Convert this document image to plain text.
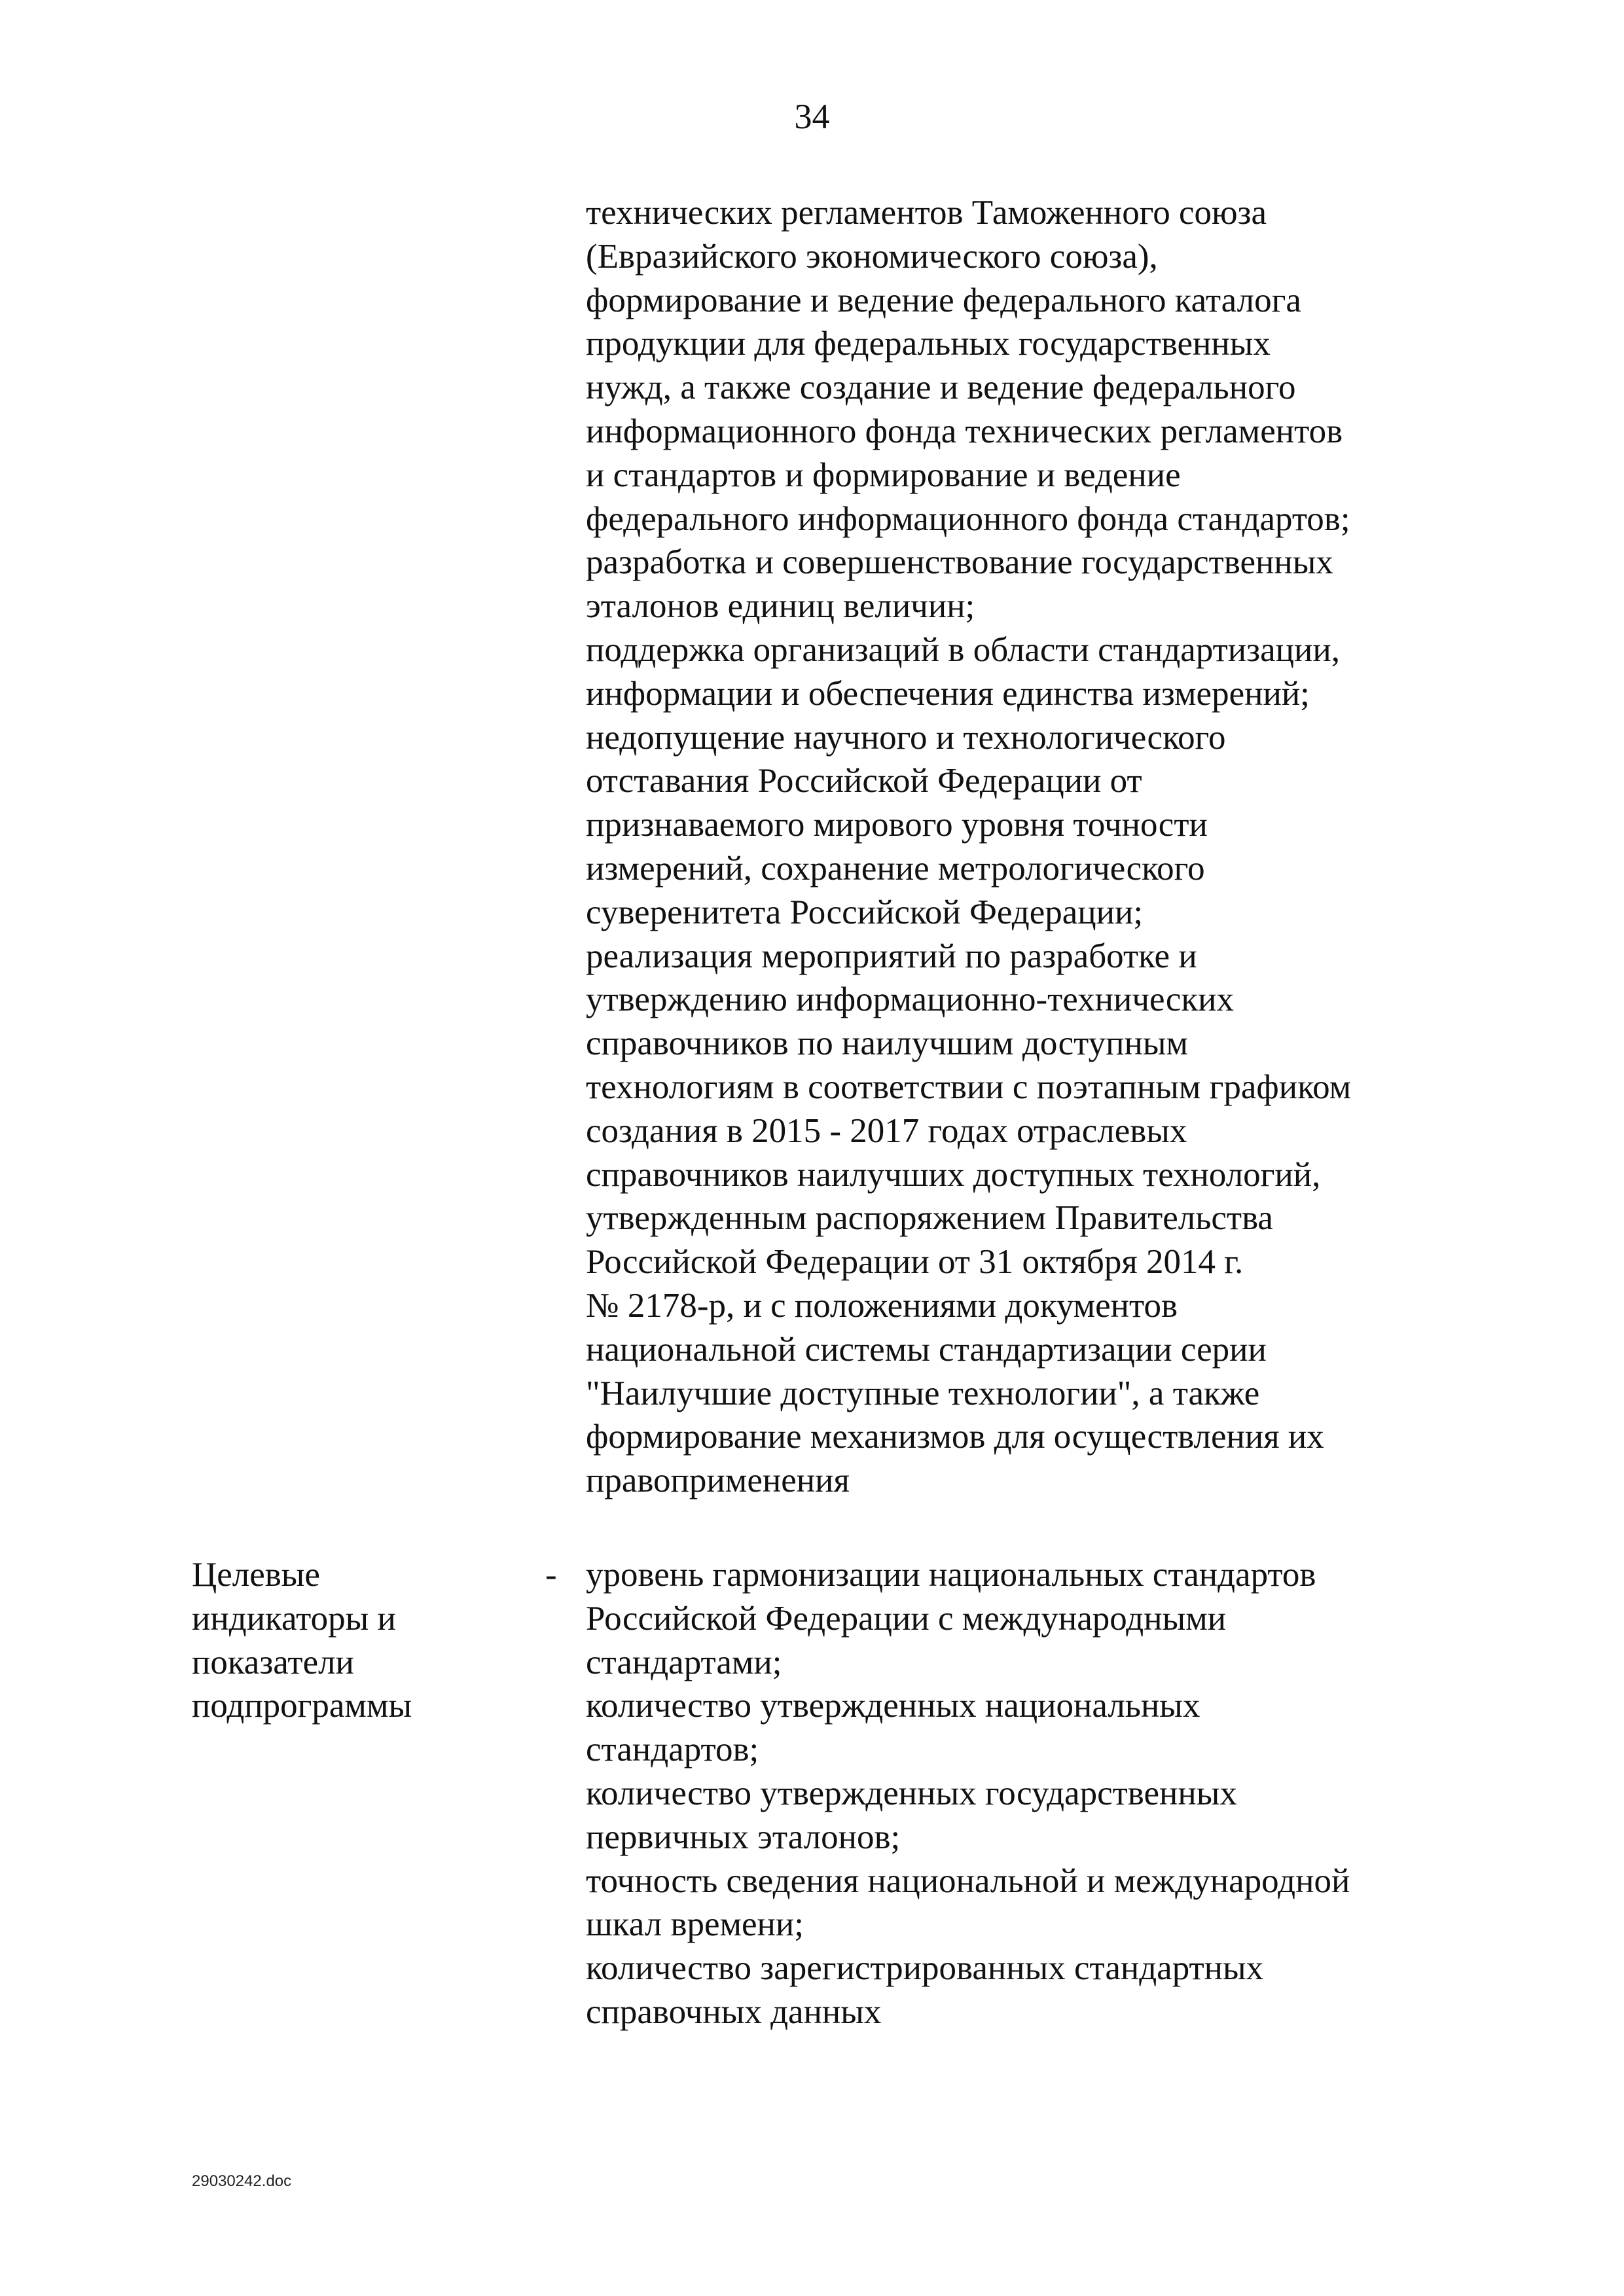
34
технических регламентов Таможенного союза
(Евразийского экономического союза),
формирование и ведение федерального каталога
продукции для федеральных государственных
нужд, а также создание и ведение федерального
информационного фонда технических регламентов
и стандартов и формирование и ведение
федерального информационного фонда стандартов;
разработка и совершенствование государственных
эталонов единиц величин;
поддержка организаций в области стандартизации,
информации и обеспечения единства измерений;
недопущение научного и технологического
отставания Российской Федерации от
признаваемого мирового уровня точности
измерений, сохранение метрологического
суверенитета Российской Федерации;
реализация мероприятий по разработке и
утверждению информационно-технических
справочников по наилучшим доступным
технологиям в соответствии с поэтапным графиком
создания в 2015 - 2017 годах отраслевых
справочников наилучших доступных технологий,
утвержденным распоряжением Правительства
Российской Федерации от 31 октября 2014 г.
№ 2178-р, и с положениями документов
национальной системы стандартизации серии
"Наилучшие доступные технологии", а также
формирование механизмов для осуществления их
правоприменения
Целевые
индикаторы и
показатели
подпрограммы
- уровень гармонизации национальных стандартов
Российской Федерации с международными
стандартами;
количество утвержденных национальных
стандартов;
количество утвержденных государственных
первичных эталонов;
точность сведения национальной и международной
шкал времени;
количество зарегистрированных стандартных
справочных данных
29030242.doc
